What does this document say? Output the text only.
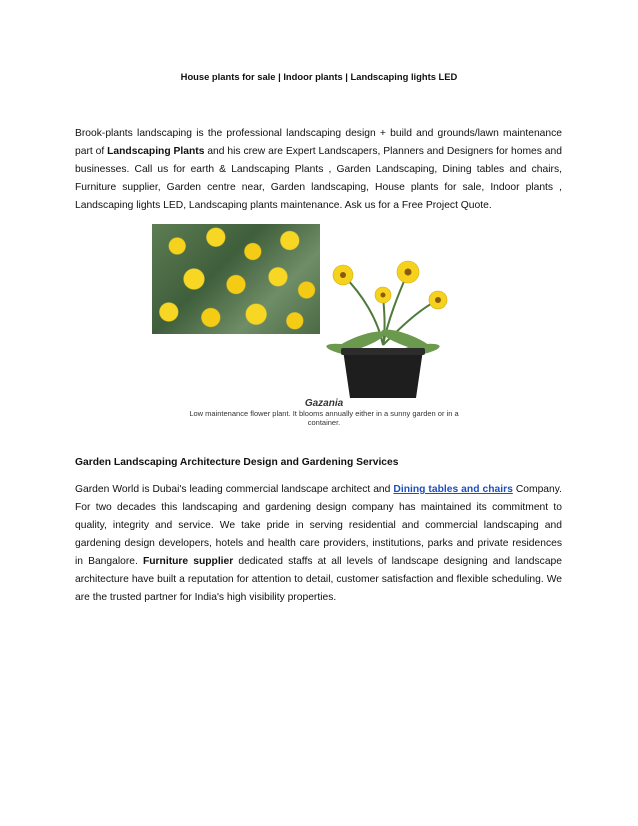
House plants for sale | Indoor plants | Landscaping lights LED

Brook-plants landscaping is the professional landscaping design + build and grounds/lawn maintenance part of Landscaping Plants and his crew are Expert Landscapers, Planners and Designers for homes and businesses. Call us for earth & Landscaping Plants , Garden Landscaping, Dining tables and chairs, Furniture supplier, Garden centre near, Garden landscaping, House plants for sale, Indoor plants , Landscaping lights LED, Landscaping plants maintenance. Ask us for a Free Project Quote.

Gazania
Low maintenance flower plant. It blooms annually either in a sunny garden or in a container.
Garden Landscaping Architecture Design and Gardening Services

Garden World is Dubai's leading commercial landscape architect and Dining tables and chairs Company. For two decades this landscaping and gardening design company has maintained its commitment to quality, integrity and service. We take pride in serving residential and commercial landscaping and gardening design developers, hotels and health care providers, institutions, parks and private residences in Bangalore. Furniture supplier dedicated staffs at all levels of landscape designing and landscape architecture have built a reputation for attention to detail, customer satisfaction and flexible scheduling. We are the trusted partner for India's high visibility properties.
